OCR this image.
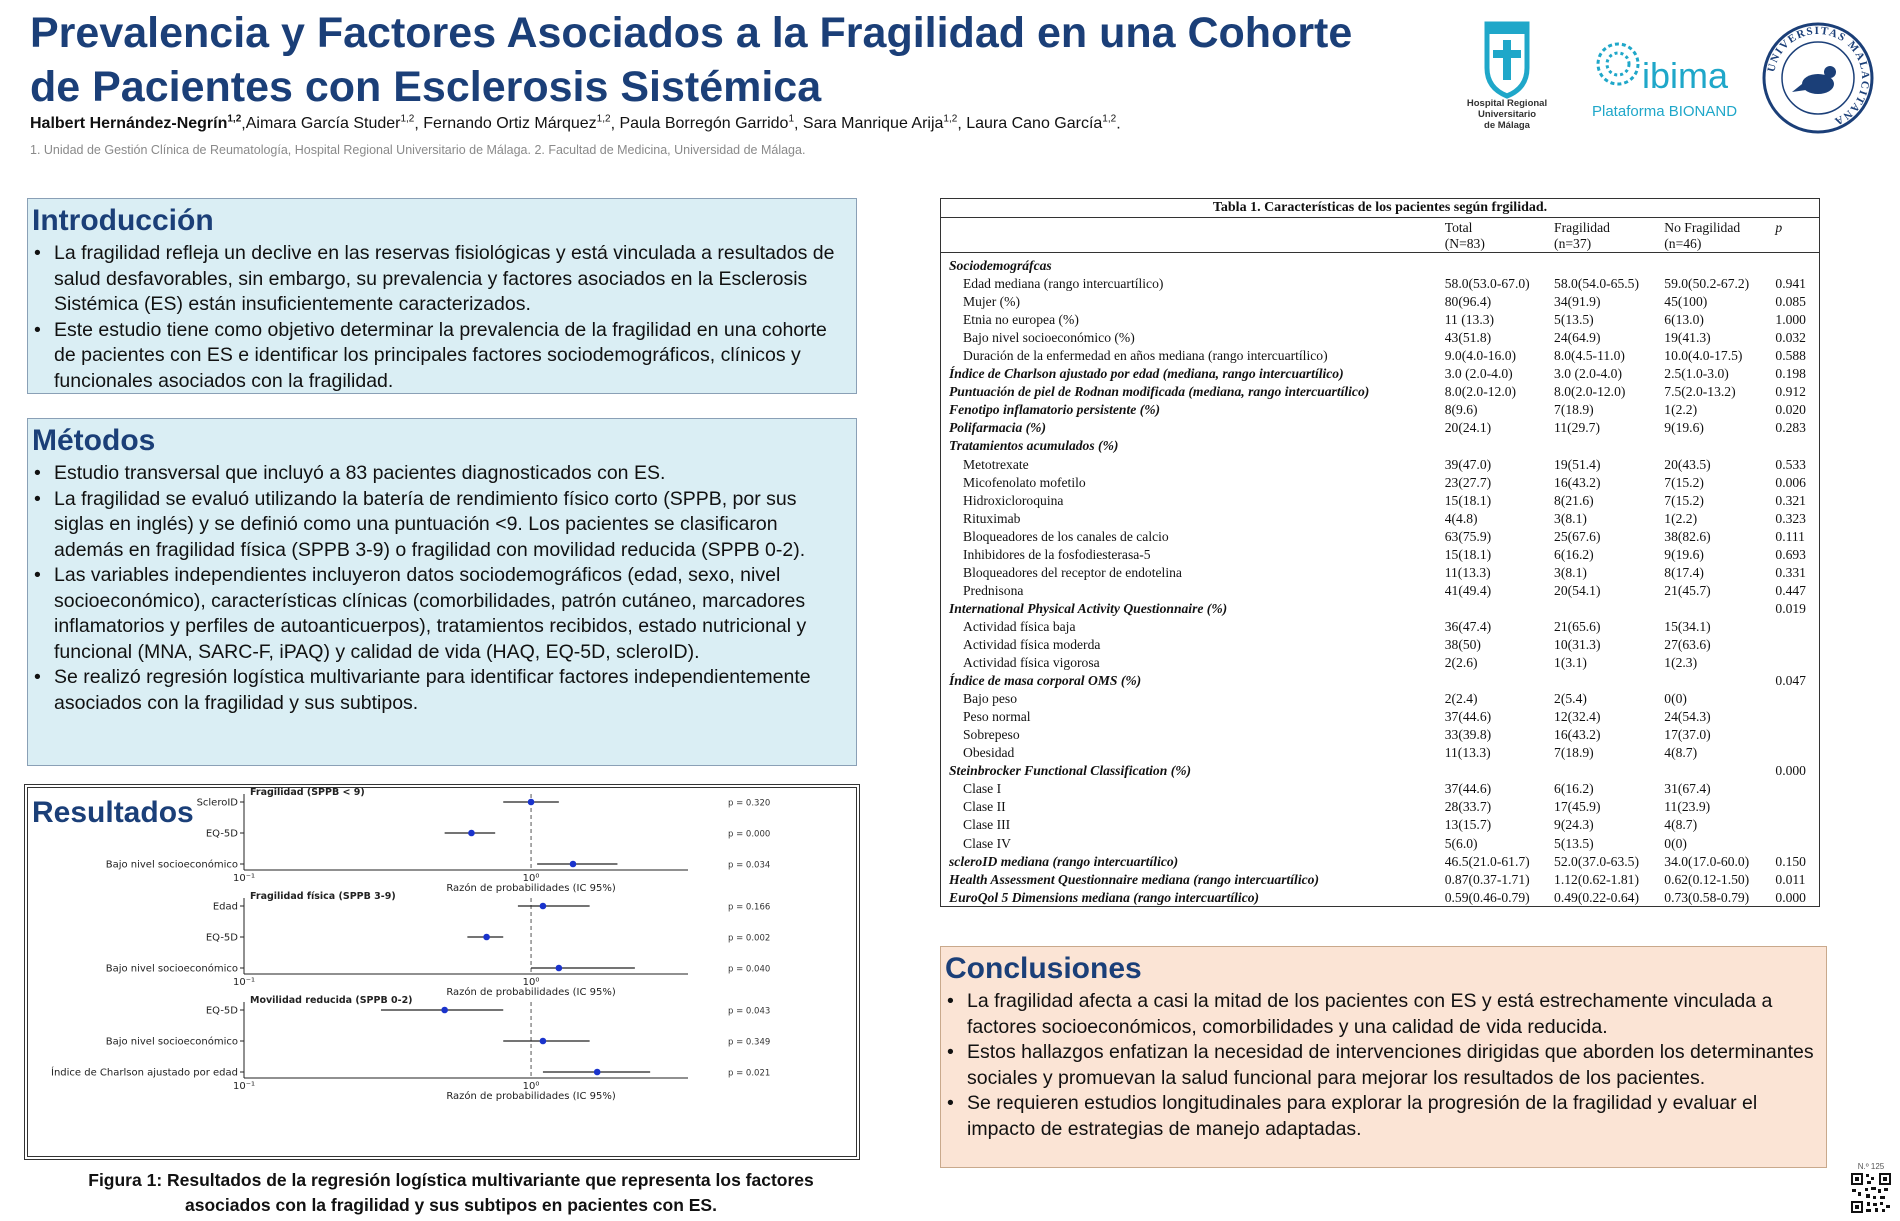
Prevalencia y Factores Asociados a la Fragilidad en una Cohorte
de Pacientes con Esclerosis Sistémica
Halbert Hernández-Negrín$^{1,2}$,Aimara García Studer$^{1,2}$, Fernando Ortiz Márquez$^{1,2}$, Paula Borregón Garrido$^1$, Sara Manrique Arija$^{1,2}$, Laura Cano García$^{1,2}$.
1. Unidad de Gestión Clínica de Reumatología, Hospital Regional Universitario de Málaga. 2. Facultad de Medicina, Universidad de Málaga.
Hospital Regional
Universitario
de Málaga
ibima
Plataforma BIONAND
UNIVERSITAS MALACITANA
Introducción
• La fragilidad refleja un declive en las reservas fisiológicas y está vinculada a resultados de salud desfavorables, sin embargo, su prevalencia y factores asociados en la Esclerosis Sistémica (ES) están insuficientemente caracterizados.
• Este estudio tiene como objetivo determinar la prevalencia de la fragilidad en una cohorte de pacientes con ES e identificar los principales factores sociodemográficos, clínicos y funcionales asociados con la fragilidad.
Métodos
• Estudio transversal que incluyó a 83 pacientes diagnosticados con ES.
• La fragilidad se evaluó utilizando la batería de rendimiento físico corto (SPPB, por sus siglas en inglés) y se definió como una puntuación <9. Los pacientes se clasificaron además en fragilidad física (SPPB 3-9) o fragilidad con movilidad reducida (SPPB 0-2).
• Las variables independientes incluyeron datos sociodemográficos (edad, sexo, nivel socioeconómico), características clínicas (comorbilidades, patrón cutáneo, marcadores inflamatorios y perfiles de autoanticuerpos), tratamientos recibidos, estado nutricional y funcional (MNA, SARC-F, iPAQ) y calidad de vida (HAQ, EQ-5D, scleroID).
• Se realizó regresión logística multivariante para identificar factores independientemente asociados con la fragilidad y sus subtipos.
10⁻¹	10⁰
Razón de probabilidades (IC 95%)
Fragilidad (SPPB < 9)
ScleroID	p = 0.320
EQ-5D	p = 0.000
Bajo nivel socioeconómico	p = 0.034
10⁻¹	10⁰
Razón de probabilidades (IC 95%)
Fragilidad física (SPPB 3-9)
Edad	p = 0.166
EQ-5D	p = 0.002
Bajo nivel socioeconómico	p = 0.040
10⁻¹	10⁰
Razón de probabilidades (IC 95%)
Movilidad reducida (SPPB 0-2)
EQ-5D	p = 0.043
Bajo nivel socioeconómico	p = 0.349
Índice de Charlson ajustado por edad	p = 0.021
Resultados
Figura 1: Resultados de la regresión logística multivariante que representa los factores asociados con la fragilidad y sus subtipos en pacientes con ES.
Tabla 1. Características de los pacientes según frgilidad.
	Total
(N=83)	Fragilidad
(n=37)	No Fragilidad
(n=46)	p
Sociodemográfcas				
Edad mediana (rango intercuartílico)	58.0(53.0-67.0)	58.0(54.0-65.5)	59.0(50.2-67.2)	0.941
Mujer (%)	80(96.4)	34(91.9)	45(100)	0.085
Etnia no europea (%)	11 (13.3)	5(13.5)	6(13.0)	1.000
Bajo nivel socioeconómico (%)	43(51.8)	24(64.9)	19(41.3)	0.032
Duración de la enfermedad en años mediana (rango intercuartílico)	9.0(4.0-16.0)	8.0(4.5-11.0)	10.0(4.0-17.5)	0.588
Índice de Charlson ajustado por edad (mediana, rango intercuartílico)	3.0 (2.0-4.0)	3.0 (2.0-4.0)	2.5(1.0-3.0)	0.198
Puntuación de piel de Rodnan modificada (mediana, rango intercuartílico)	8.0(2.0-12.0)	8.0(2.0-12.0)	7.5(2.0-13.2)	0.912
Fenotipo inflamatorio persistente (%)	8(9.6)	7(18.9)	1(2.2)	0.020
Polifarmacia (%)	20(24.1)	11(29.7)	9(19.6)	0.283
Tratamientos acumulados (%)				
Metotrexate	39(47.0)	19(51.4)	20(43.5)	0.533
Micofenolato mofetilo	23(27.7)	16(43.2)	7(15.2)	0.006
Hidroxicloroquina	15(18.1)	8(21.6)	7(15.2)	0.321
Rituximab	4(4.8)	3(8.1)	1(2.2)	0.323
Bloqueadores de los canales de calcio	63(75.9)	25(67.6)	38(82.6)	0.111
Inhibidores de la fosfodiesterasa-5	15(18.1)	6(16.2)	9(19.6)	0.693
Bloqueadores del receptor de endotelina	11(13.3)	3(8.1)	8(17.4)	0.331
Prednisona	41(49.4)	20(54.1)	21(45.7)	0.447
International Physical Activity Questionnaire (%)				0.019
Actividad física baja	36(47.4)	21(65.6)	15(34.1)	
Actividad física moderda	38(50)	10(31.3)	27(63.6)	
Actividad física vigorosa	2(2.6)	1(3.1)	1(2.3)	
Índice de masa corporal OMS (%)				0.047
Bajo peso	2(2.4)	2(5.4)	0(0)	
Peso normal	37(44.6)	12(32.4)	24(54.3)	
Sobrepeso	33(39.8)	16(43.2)	17(37.0)	
Obesidad	11(13.3)	7(18.9)	4(8.7)	
Steinbrocker Functional Classification (%)				0.000
Clase I	37(44.6)	6(16.2)	31(67.4)	
Clase II	28(33.7)	17(45.9)	11(23.9)	
Clase III	13(15.7)	9(24.3)	4(8.7)	
Clase IV	5(6.0)	5(13.5)	0(0)	
scleroID mediana (rango intercuartílico)	46.5(21.0-61.7)	52.0(37.0-63.5)	34.0(17.0-60.0)	0.150
Health Assessment Questionnaire mediana (rango intercuartílico)	0.87(0.37-1.71)	1.12(0.62-1.81)	0.62(0.12-1.50)	0.011
EuroQol 5 Dimensions mediana (rango intercuartílico)	0.59(0.46-0.79)	0.49(0.22-0.64)	0.73(0.58-0.79)	0.000
Conclusiones
• La fragilidad afecta a casi la mitad de los pacientes con ES y está estrechamente vinculada a factores socioeconómicos, comorbilidades y una calidad de vida reducida.
• Estos hallazgos enfatizan la necesidad de intervenciones dirigidas que aborden los determinantes sociales y promuevan la salud funcional para mejorar los resultados de los pacientes.
• Se requieren estudios longitudinales para explorar la progresión de la fragilidad y evaluar el impacto de estrategias de manejo adaptadas.
N.º 125
